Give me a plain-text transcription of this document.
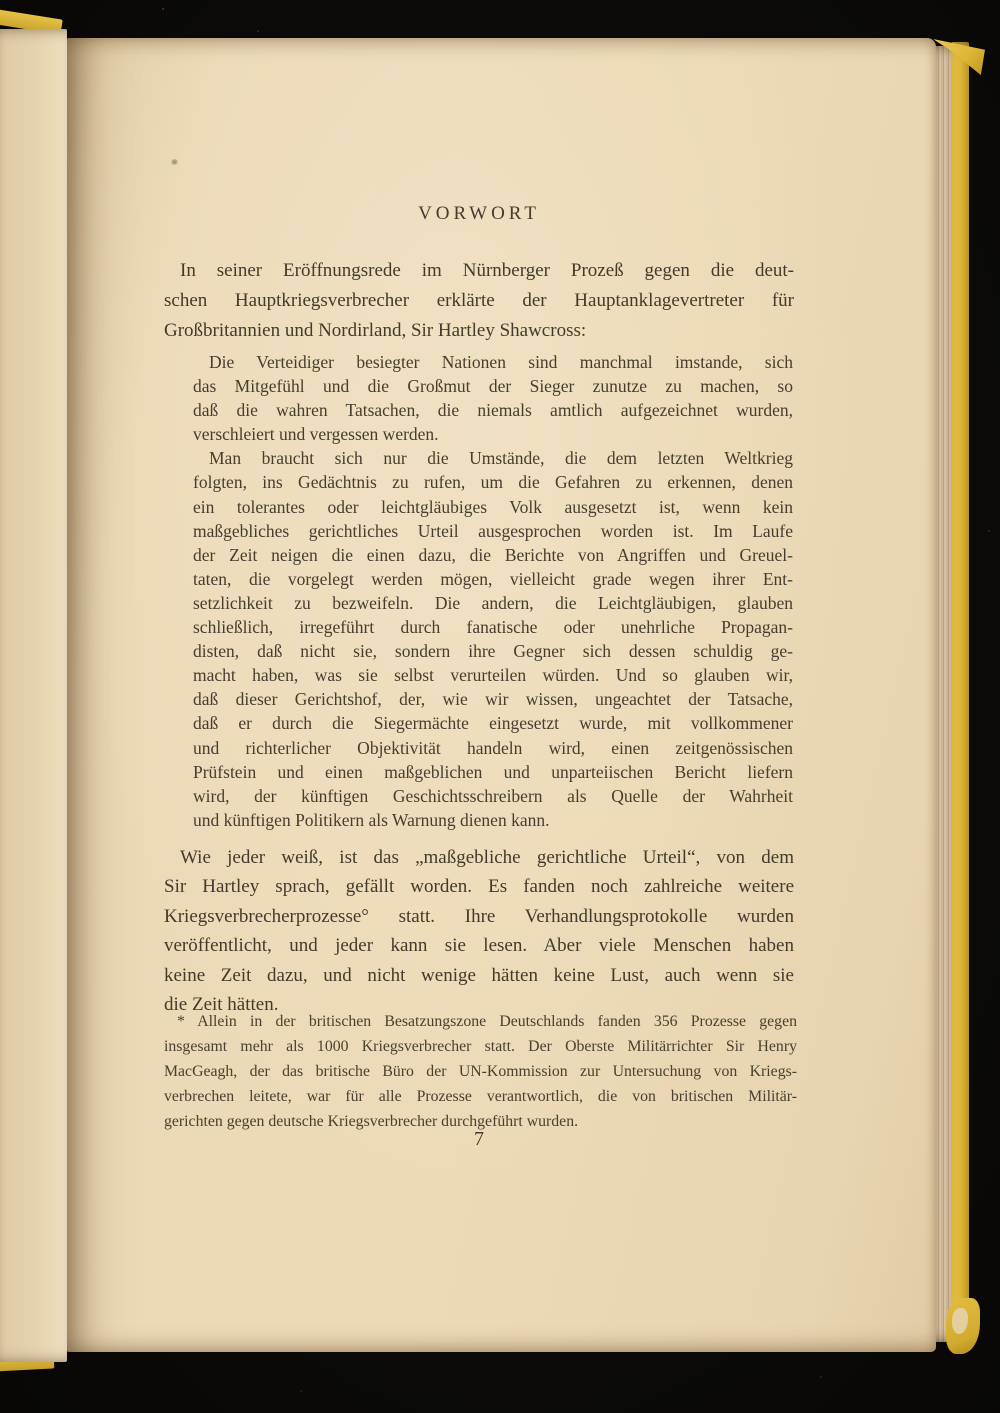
VORWORT
In seiner Eröffnungsrede im Nürnberger Prozeß gegen die deut-
schen Hauptkriegsverbrecher erklärte der Hauptanklagevertreter für
Großbritannien und Nordirland, Sir Hartley Shawcross:
Die Verteidiger besiegter Nationen sind manchmal imstande, sich
das Mitgefühl und die Großmut der Sieger zunutze zu machen, so
daß die wahren Tatsachen, die niemals amtlich aufgezeichnet wurden,
verschleiert und vergessen werden.
Man braucht sich nur die Umstände, die dem letzten Weltkrieg
folgten, ins Gedächtnis zu rufen, um die Gefahren zu erkennen, denen
ein tolerantes oder leichtgläubiges Volk ausgesetzt ist, wenn kein
maßgebliches gerichtliches Urteil ausgesprochen worden ist. Im Laufe
der Zeit neigen die einen dazu, die Berichte von Angriffen und Greuel-
taten, die vorgelegt werden mögen, vielleicht grade wegen ihrer Ent-
setzlichkeit zu bezweifeln. Die andern, die Leichtgläubigen, glauben
schließlich, irregeführt durch fanatische oder unehrliche Propagan-
disten, daß nicht sie, sondern ihre Gegner sich dessen schuldig ge-
macht haben, was sie selbst verurteilen würden. Und so glauben wir,
daß dieser Gerichtshof, der, wie wir wissen, ungeachtet der Tatsache,
daß er durch die Siegermächte eingesetzt wurde, mit vollkommener
und richterlicher Objektivität handeln wird, einen zeitgenössischen
Prüfstein und einen maßgeblichen und unparteiischen Bericht liefern
wird, der künftigen Geschichtsschreibern als Quelle der Wahrheit
und künftigen Politikern als Warnung dienen kann.
Wie jeder weiß, ist das „maßgebliche gerichtliche Urteil“, von dem
Sir Hartley sprach, gefällt worden. Es fanden noch zahlreiche weitere
Kriegsverbrecherprozesse° statt. Ihre Verhandlungsprotokolle wurden
veröffentlicht, und jeder kann sie lesen. Aber viele Menschen haben
keine Zeit dazu, und nicht wenige hätten keine Lust, auch wenn sie
die Zeit hätten.
* Allein in der britischen Besatzungszone Deutschlands fanden 356 Prozesse gegen
insgesamt mehr als 1000 Kriegsverbrecher statt. Der Oberste Militärrichter Sir Henry
MacGeagh, der das britische Büro der UN-Kommission zur Untersuchung von Kriegs-
verbrechen leitete, war für alle Prozesse verantwortlich, die von britischen Militär-
gerichten gegen deutsche Kriegsverbrecher durchgeführt wurden.
7
